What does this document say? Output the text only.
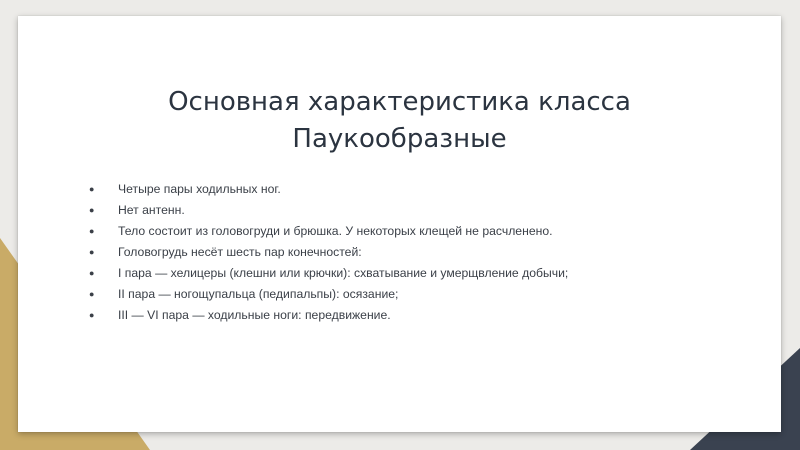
Основная характеристика класса
Паукообразные
● Четыре пары ходильных ног.
● Нет антенн.
● Тело состоит из головогруди и брюшка. У некоторых клещей не расчленено.
● Головогрудь несёт шесть пар конечностей:
● I пара — хелицеры (клешни или крючки): схватывание и умерщвление добычи;
● II пара — ногощупальца (педипальпы): осязание;
● III — VI пара — ходильные ноги: передвижение.
